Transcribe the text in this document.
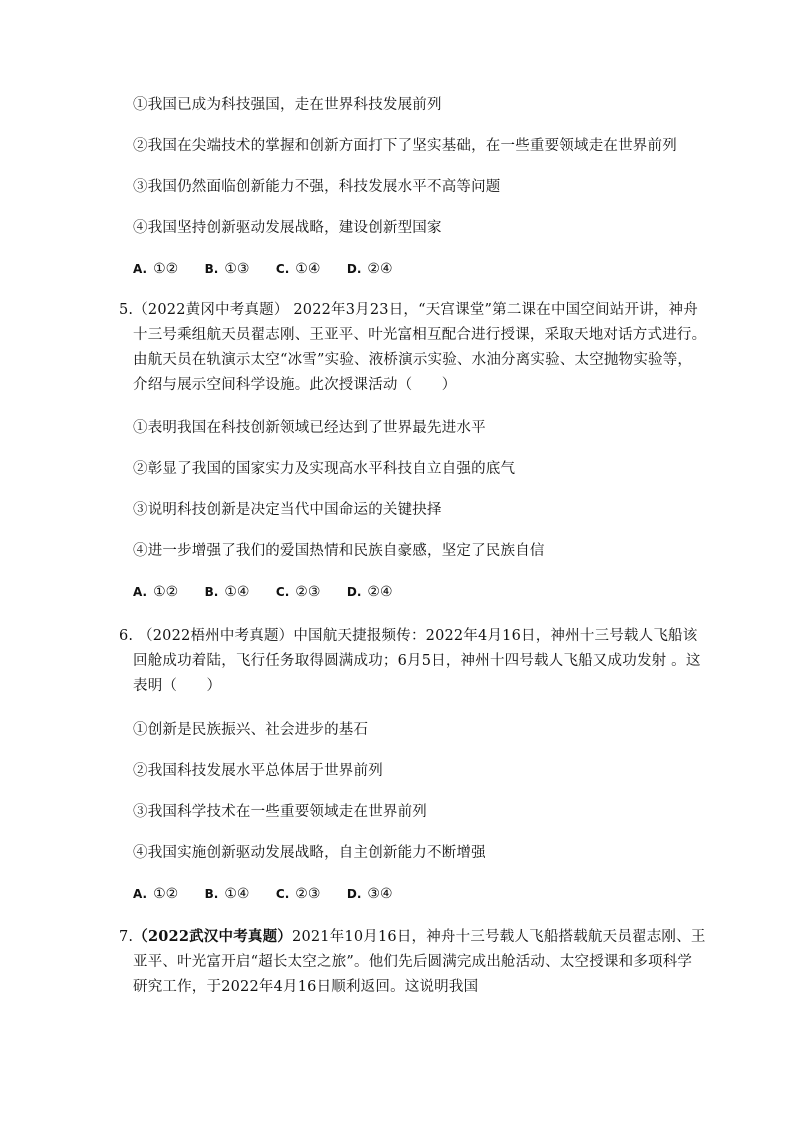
①我国已成为科技强国，走在世界科技发展前列
②我国在尖端技术的掌握和创新方面打下了坚实基础，在一些重要领域走在世界前列
③我国仍然面临创新能力不强，科技发展水平不高等问题
④我国坚持创新驱动发展战略，建设创新型国家
A. ①② B. ①③ C. ①④ D. ②④
5.（2022黄冈中考真题） 2022年3月23日，“天宫课堂”第二课在中国空间站开讲，神舟
十三号乘组航天员翟志刚、王亚平、叶光富相互配合进行授课，采取天地对话方式进行。
由航天员在轨演示太空“冰雪”实验、液桥演示实验、水油分离实验、太空抛物实验等，
介绍与展示空间科学设施。此次授课活动（　　）
①表明我国在科技创新领域已经达到了世界最先进水平
②彰显了我国的国家实力及实现高水平科技自立自强的底气
③说明科技创新是决定当代中国命运的关键抉择
④进一步增强了我们的爱国热情和民族自豪感，坚定了民族自信
A. ①② B. ①④ C. ②③ D. ②④
6. （2022梧州中考真题）中国航天捷报频传：2022年4月16日，神州十三号载人飞船该
回舱成功着陆，飞行任务取得圆满成功；6月5日，神州十四号载人飞船又成功发射 。这
表明（　　）
①创新是民族振兴、社会进步的基石
②我国科技发展水平总体居于世界前列
③我国科学技术在一些重要领域走在世界前列
④我国实施创新驱动发展战略，自主创新能力不断增强
A. ①② B. ①④ C. ②③ D. ③④
7.（2022武汉中考真题）2021年10月16日，神舟十三号载人飞船搭载航天员翟志刚、王
亚平、叶光富开启“超长太空之旅”。他们先后圆满完成出舱活动、太空授课和多项科学
研究工作，于2022年4月16日顺利返回。这说明我国
